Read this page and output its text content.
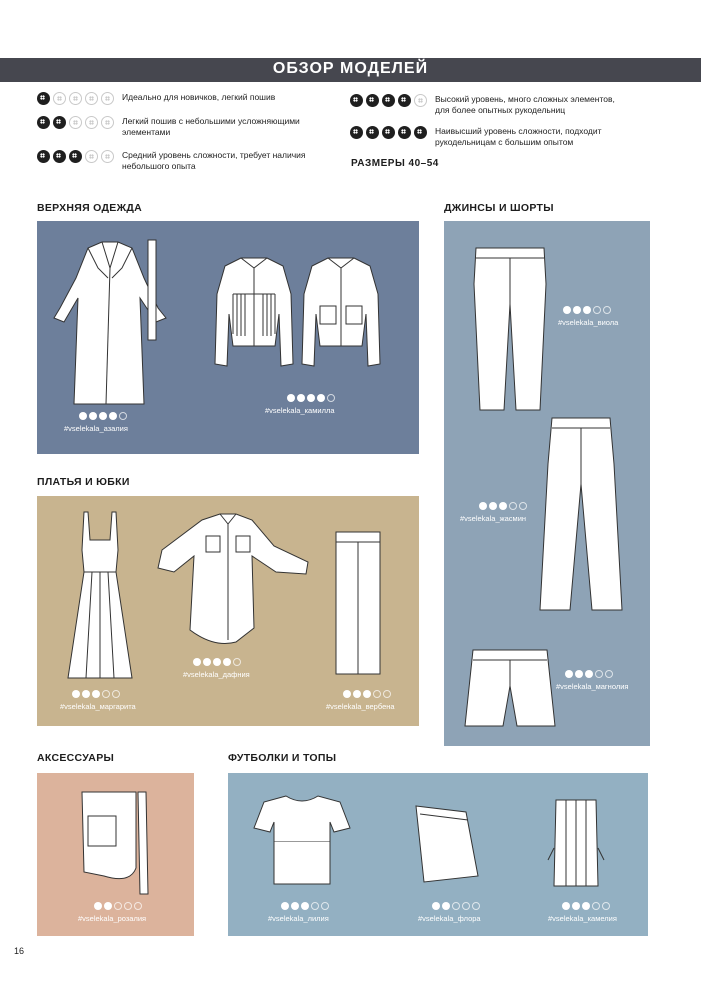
ОБЗОР МОДЕЛЕЙ
Идеально для новичков, легкий пошив
Легкий пошив с небольшими усложняющими элементами
Средний уровень сложности, требует наличия небольшого опыта
Высокий уровень, много сложных элементов, для более опытных рукодельниц
Наивысший уровень сложности, подходит рукодельницам с большим опытом
РАЗМЕРЫ 40–54
ВЕРХНЯЯ ОДЕЖДА	ДЖИНСЫ И ШОРТЫ
ПЛАТЬЯ И ЮБКИ
АКСЕССУАРЫ	ФУТБОЛКИ И ТОПЫ
#vselekala_азалия
#vselekala_камилла
#vselekala_виола
#vselekala_жасмин
#vselekala_магнолия
#vselekala_маргарита
#vselekala_дафния
#vselekala_вербена
#vselekala_розалия	#vselekala_лилия	#vselekala_флора	#vselekala_камелия
16
